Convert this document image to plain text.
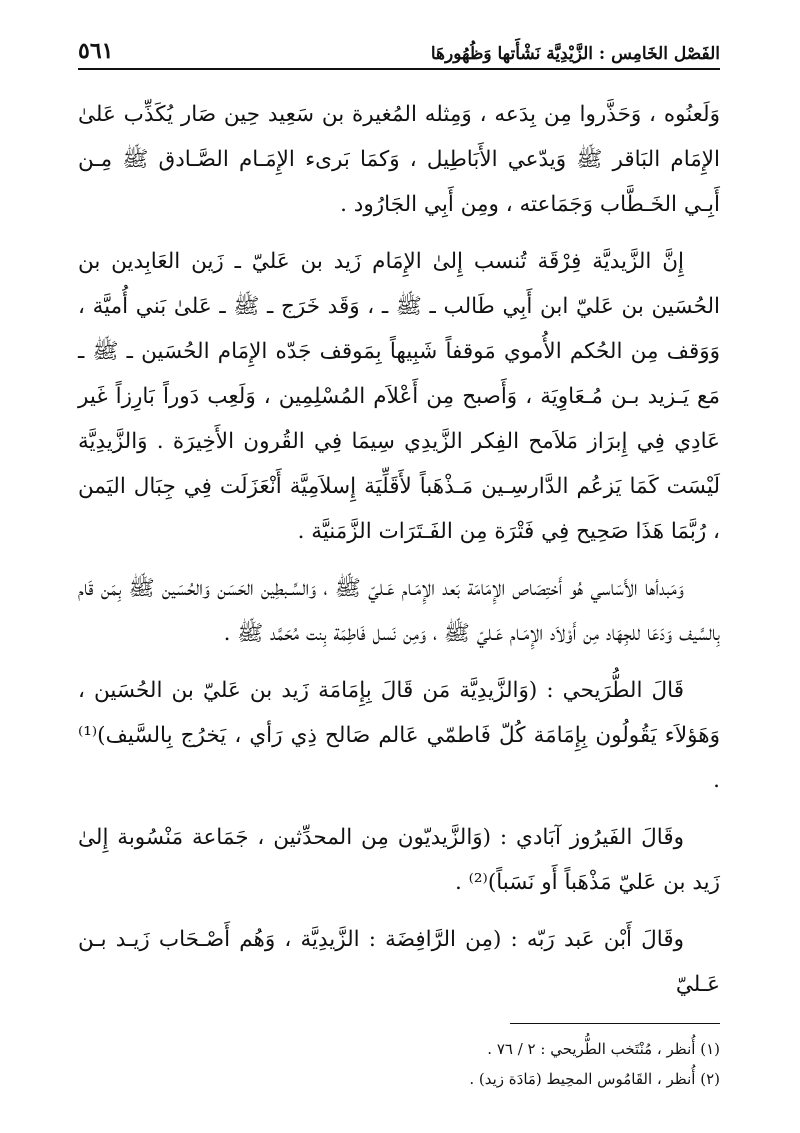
الفَصْل الخَامِس : الزَّيْدِيَّة نَشْأَتها وَظُهُورهَا
٥٦١

وَلَعنُوه ، وَحَذَّروا مِن بِدَعه ، وَمِثله المُغيرة بن سَعِيد حِين صَار يُكَذِّب عَلىٰ الإِمَام البَاقر ﷺ وَيدّعي الأَبَاطِيل ، وَكمَا بَرىء الإِمَـام الصَّـادق ﷺ مِـن أَبِـي الخَـطَّاب وَجَمَاعته ، ومِن أَبِي الجَارُود .

إِنَّ الزَّيديَّة فِرْقَة تُنسب إِلىٰ الإِمَام زَيد بن عَليّ ـ زَين العَابِدين بن الحُسَين بن عَليّ ابن أَبِي طَالب ـ ﷺ ـ ، وَقَد خَرَج ـ ﷺ ـ عَلىٰ بَني أُميَّة ، وَوَقف مِن الحُكم الأُموي مَوقفاً شَبِيهاً بِمَوقف جَدّه الإِمَام الحُسَين ـ ﷺ ـ مَع يَـزيد بـن مُـعَاوِيَة ، وَأَصبح مِن أَعْلاَم المُسْلِمِين ، وَلَعِب دَوراً بَارِزاً غَير عَادِي فِي إِبرَاز مَلاَمح الفِكر الزَّيدِي سِيمَا فِي القُرون الأَخِيرَة . وَالزَّيدِيَّة لَيْسَت كَمَا يَزعُم الدَّارسِـين مَـذْهَباً لأَقَلِّيَة إِسلاَمِيَّة أَنْعَزَلَت فِي جِبَال اليَمن ، رُبَّمَا هَذَا صَحِيح فِي فَتْرَة مِن الفَـتَرَات الزَّمَنيَّة .

وَمَبدأها الأَسَاسي هُو أَختِصَاص الإِمَامَة بَعد الإِمَـام عَـليّ ﷺ ، وَالسِّـبطِين الحَسَن وَالحُسَين ﷺ بِمَن قَام بِالسَّيف وَدَعَا للجِهَاد مِن أَوْلاَد الإِمَـام عَـليّ ﷺ ، وَمِن نَسل فَاطِمَة بِنت مُحَمَّد ﷺ .

قَالَ الطُّرَيحي : (وَالزَّيدِيَّة مَن قَالَ بِإِمَامَة زَيد بن عَليّ بن الحُسَين ، وَهَؤلاَء يَقُولُون بِإِمَامَة كُلّ فَاطمّي عَالم صَالح ذِي رَأي ، يَخرُج بِالسَّيف)⁽¹⁾ .

وقَالَ الفَيرُوز آبَادي : (وَالزَّيديّون مِن المحدِّثين ، جَمَاعة مَنْسُوبة إِلىٰ زَيد بن عَليّ مَذْهَباً أَو نَسَباً)⁽²⁾ .

وقَالَ أَبْن عَبد رَبّه : (مِن الرَّافِضَة : الزَّيدِيَّة ، وَهُم أَصْـحَاب زَيـد بـن عَـليّ

(١) أُنظر ، مُنْتَخب الطُّريحي : ٢ / ٧٦ .
(٢) أُنظر ، القَامُوس المحِيط (مَادَة زيد) .
